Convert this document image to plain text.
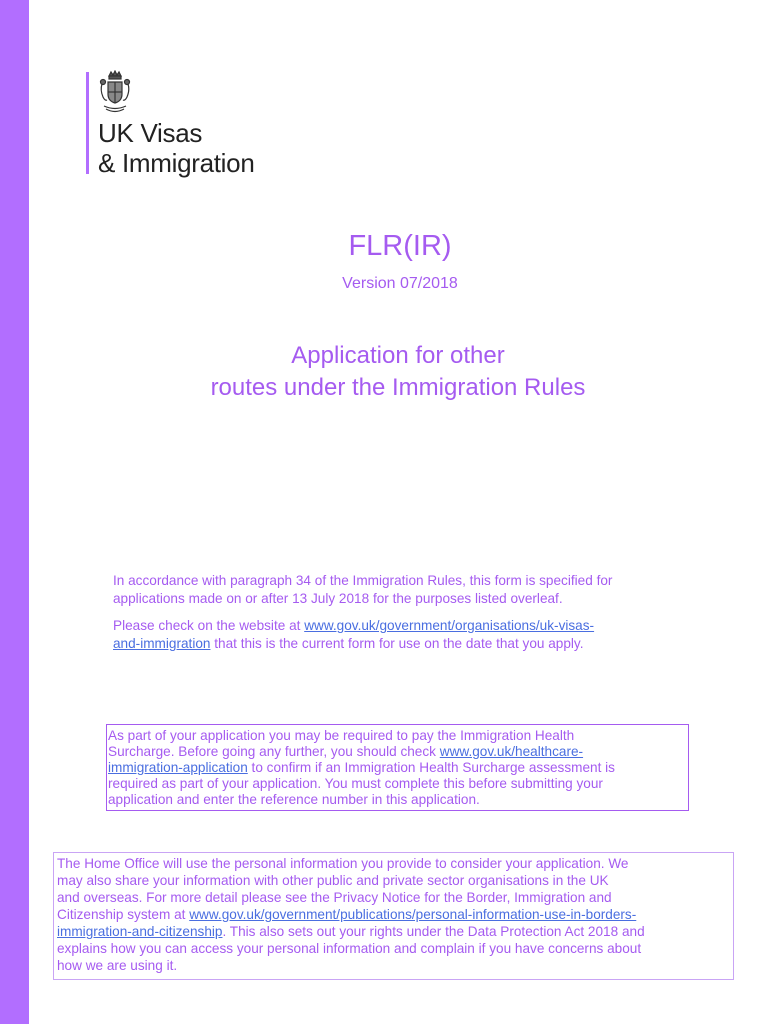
UK Visas
& Immigration
FLR(IR)
Version 07/2018
Application for other
routes under the Immigration Rules
In accordance with paragraph 34 of the Immigration Rules, this form is specified for
applications made on or after 13 July 2018 for the purposes listed overleaf.
Please check on the website at www.gov.uk/government/organisations/uk-visas-
and-immigration that this is the current form for use on the date that you apply.
As part of your application you may be required to pay the Immigration Health
Surcharge. Before going any further, you should check www.gov.uk/healthcare-
immigration-application to confirm if an Immigration Health Surcharge assessment is
required as part of your application. You must complete this before submitting your
application and enter the reference number in this application.
The Home Office will use the personal information you provide to consider your application. We
may also share your information with other public and private sector organisations in the UK
and overseas. For more detail please see the Privacy Notice for the Border, Immigration and
Citizenship system at www.gov.uk/government/publications/personal-information-use-in-borders-
immigration-and-citizenship. This also sets out your rights under the Data Protection Act 2018 and
explains how you can access your personal information and complain if you have concerns about
how we are using it.
